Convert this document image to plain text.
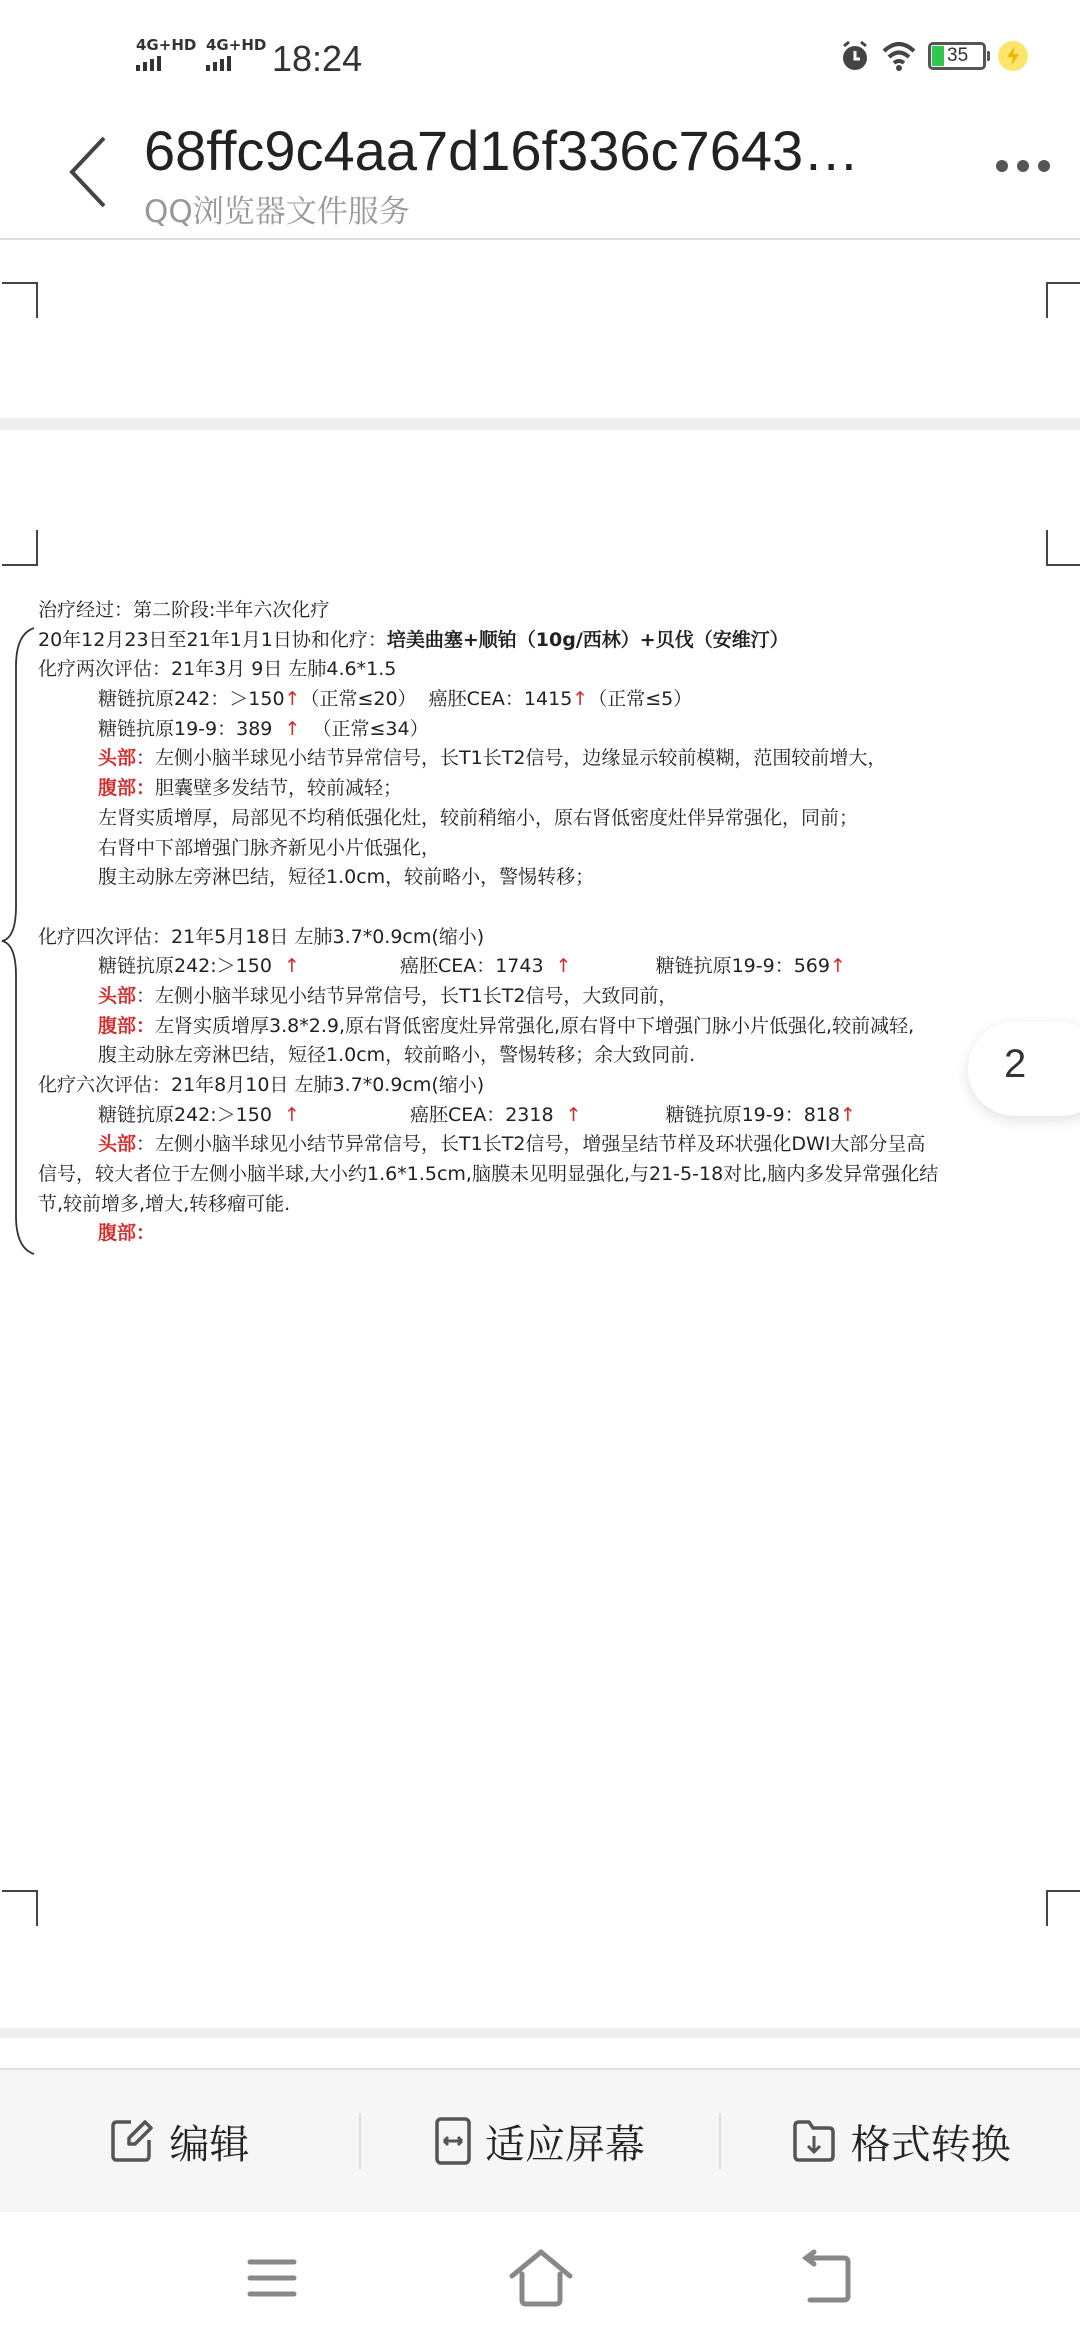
4G+HD 4G+HD 18:24	35
68ffc9c4aa7d16f336c7643…
QQ浏览器文件服务
治疗经过：第二阶段:半年六次化疗
20年12月23日至21年1月1日协和化疗：培美曲塞+顺铂（10g/西林）+贝伐（安维汀）
化疗两次评估：21年3月 9日 左肺4.6*1.5
糖链抗原242：＞150↑（正常≤20） 癌胚CEA：1415↑（正常≤5）
糖链抗原19-9：389  ↑ （正常≤34）
头部：左侧小脑半球见小结节异常信号，长T1长T2信号，边缘显示较前模糊，范围较前增大，
腹部：胆囊壁多发结节，较前减轻；
左肾实质增厚，局部见不均稍低强化灶，较前稍缩小，原右肾低密度灶伴异常强化，同前；
右肾中下部增强门脉齐新见小片低强化，
腹主动脉左旁淋巴结，短径1.0cm，较前略小，警惕转移；
化疗四次评估：21年5月18日 左肺3.7*0.9cm(缩小)
糖链抗原242:＞150  ↑	癌胚CEA：1743  ↑	糖链抗原19-9：569↑
头部：左侧小脑半球见小结节异常信号，长T1长T2信号，大致同前，
腹部：左肾实质增厚3.8*2.9,原右肾低密度灶异常强化,原右肾中下增强门脉小片低强化,较前减轻,
腹主动脉左旁淋巴结，短径1.0cm，较前略小，警惕转移；余大致同前.
化疗六次评估：21年8月10日 左肺3.7*0.9cm(缩小)
糖链抗原242:＞150  ↑	癌胚CEA：2318  ↑	糖链抗原19-9：818↑
头部：左侧小脑半球见小结节异常信号，长T1长T2信号，增强呈结节样及环状强化DWI大部分呈高
信号，较大者位于左侧小脑半球,大小约1.6*1.5cm,脑膜未见明显强化,与21-5-18对比,脑内多发异常强化结
节,较前增多,增大,转移瘤可能.
腹部：
2
编辑	适应屏幕	格式转换
